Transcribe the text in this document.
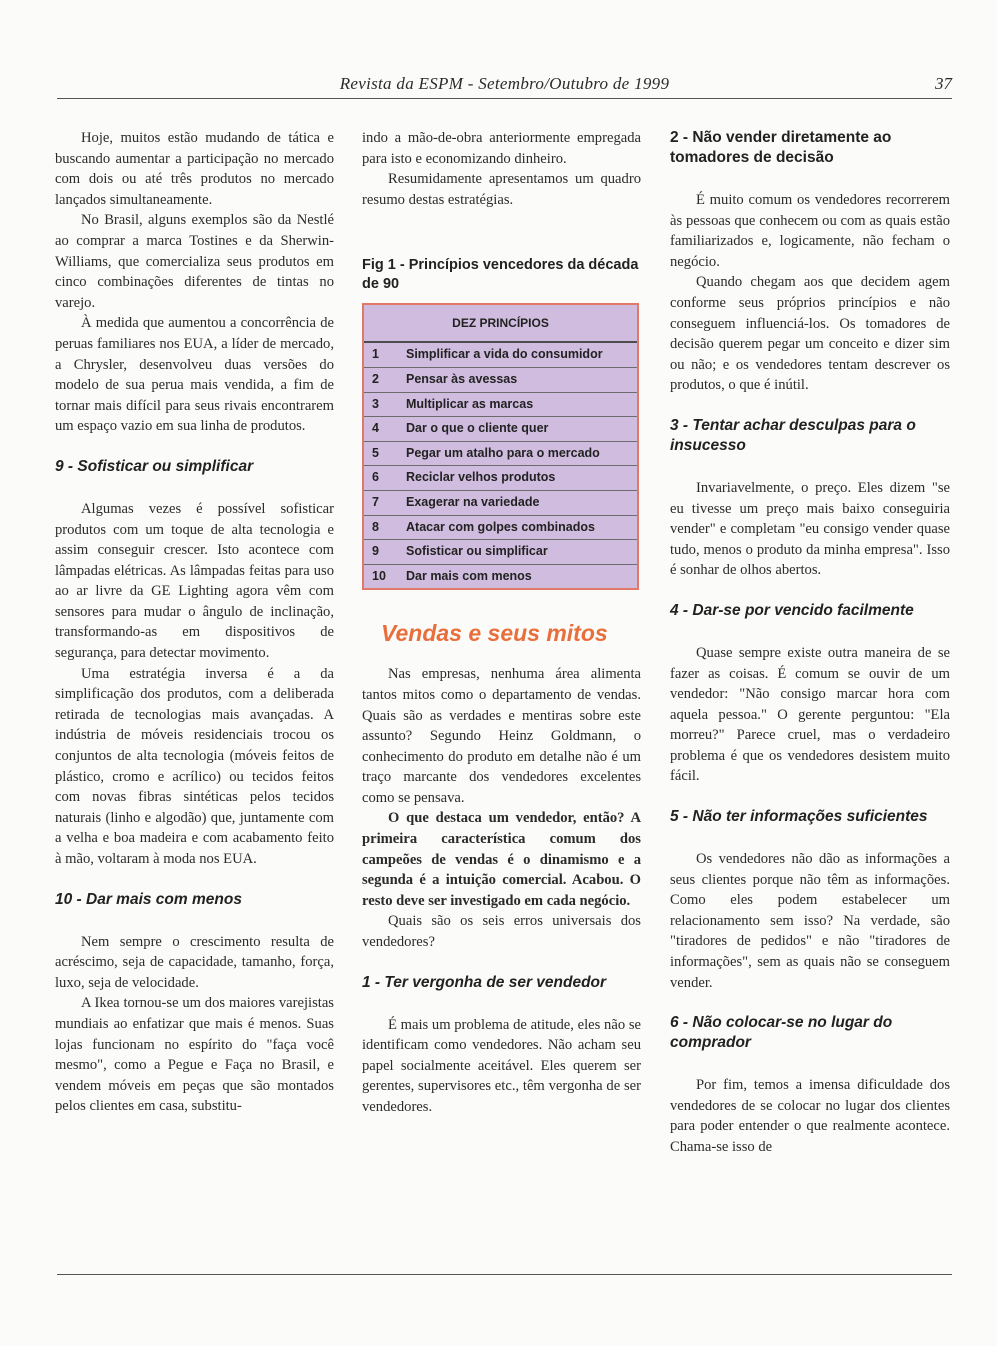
Revista da ESPM - Setembro/Outubro de 1999	37

Hoje, muitos estão mudando de tática e buscando aumentar a participação no mercado com dois ou até três produtos no mercado lançados simultaneamente.

No Brasil, alguns exemplos são da Nestlé ao comprar a marca Tostines e da Sherwin-Williams, que comercializa seus produtos em cinco combinações diferentes de tintas no varejo.

À medida que aumentou a concorrência de peruas familiares nos EUA, a líder de mercado, a Chrysler, desenvolveu duas versões do modelo de sua perua mais vendida, a fim de tornar mais difícil para seus rivais encontrarem um espaço vazio em sua linha de produtos.

9 - Sofisticar ou simplificar

Algumas vezes é possível sofisticar produtos com um toque de alta tecnologia e assim conseguir crescer. Isto acontece com lâmpadas elétricas. As lâmpadas feitas para uso ao ar livre da GE Lighting agora vêm com sensores para mudar o ângulo de inclinação, transformando-as em dispositivos de segurança, para detectar movimento.

Uma estratégia inversa é a da simplificação dos produtos, com a deliberada retirada de tecnologias mais avançadas. A indústria de móveis residenciais trocou os conjuntos de alta tecnologia (móveis feitos de plástico, cromo e acrílico) ou tecidos feitos com novas fibras sintéticas pelos tecidos naturais (linho e algodão) que, juntamente com a velha e boa madeira e com acabamento feito à mão, voltaram à moda nos EUA.

10 - Dar mais com menos

Nem sempre o crescimento resulta de acréscimo, seja de capacidade, tamanho, força, luxo, seja de velocidade.

A Ikea tornou-se um dos maiores varejistas mundiais ao enfatizar que mais é menos. Suas lojas funcionam no espírito do "faça você mesmo", como a Pegue e Faça no Brasil, e vendem móveis em peças que são montados pelos clientes em casa, substitu-

indo a mão-de-obra anteriormente empregada para isto e economizando dinheiro.

Resumidamente apresentamos um quadro resumo destas estratégias.

Fig 1 - Princípios vencedores da década de 90
DEZ PRINCÍPIOS
1	Simplificar a vida do consumidor
2	Pensar às avessas
3	Multiplicar as marcas
4	Dar o que o cliente quer
5	Pegar um atalho para o mercado
6	Reciclar velhos produtos
7	Exagerar na variedade
8	Atacar com golpes combinados
9	Sofisticar ou simplificar
10	Dar mais com menos
Vendas e seus mitos

Nas empresas, nenhuma área alimenta tantos mitos como o departamento de vendas. Quais são as verdades e mentiras sobre este assunto? Segundo Heinz Goldmann, o conhecimento do produto em detalhe não é um traço marcante dos vendedores excelentes como se pensava.

O que destaca um vendedor, então? A primeira característica comum dos campeões de vendas é o dinamismo e a segunda é a intuição comercial. Acabou. O resto deve ser investigado em cada negócio.

Quais são os seis erros universais dos vendedores?

1 - Ter vergonha de ser vendedor

É mais um problema de atitude, eles não se identificam como vendedores. Não acham seu papel socialmente aceitável. Eles querem ser gerentes, supervisores etc., têm vergonha de ser vendedores.

2 - Não vender diretamente ao tomadores de decisão

É muito comum os vendedores recorrerem às pessoas que conhecem ou com as quais estão familiarizados e, logicamente, não fecham o negócio.

Quando chegam aos que decidem agem conforme seus próprios princípios e não conseguem influenciá-los. Os tomadores de decisão querem pegar um conceito e dizer sim ou não; e os vendedores tentam descrever os produtos, o que é inútil.

3 - Tentar achar desculpas para o insucesso

Invariavelmente, o preço. Eles dizem "se eu tivesse um preço mais baixo conseguiria vender" e completam "eu consigo vender quase tudo, menos o produto da minha empresa". Isso é sonhar de olhos abertos.

4 - Dar-se por vencido facilmente

Quase sempre existe outra maneira de se fazer as coisas. É comum se ouvir de um vendedor: "Não consigo marcar hora com aquela pessoa." O gerente perguntou: "Ela morreu?" Parece cruel, mas o verdadeiro problema é que os vendedores desistem muito fácil.

5 - Não ter informações suficientes

Os vendedores não dão as informações a seus clientes porque não têm as informações. Como eles podem estabelecer um relacionamento sem isso? Na verdade, são "tiradores de pedidos" e não "tiradores de informações", sem as quais não se conseguem vender.

6 - Não colocar-se no lugar do comprador

Por fim, temos a imensa dificuldade dos vendedores de se colocar no lugar dos clientes para poder entender o que realmente acontece. Chama-se isso de
